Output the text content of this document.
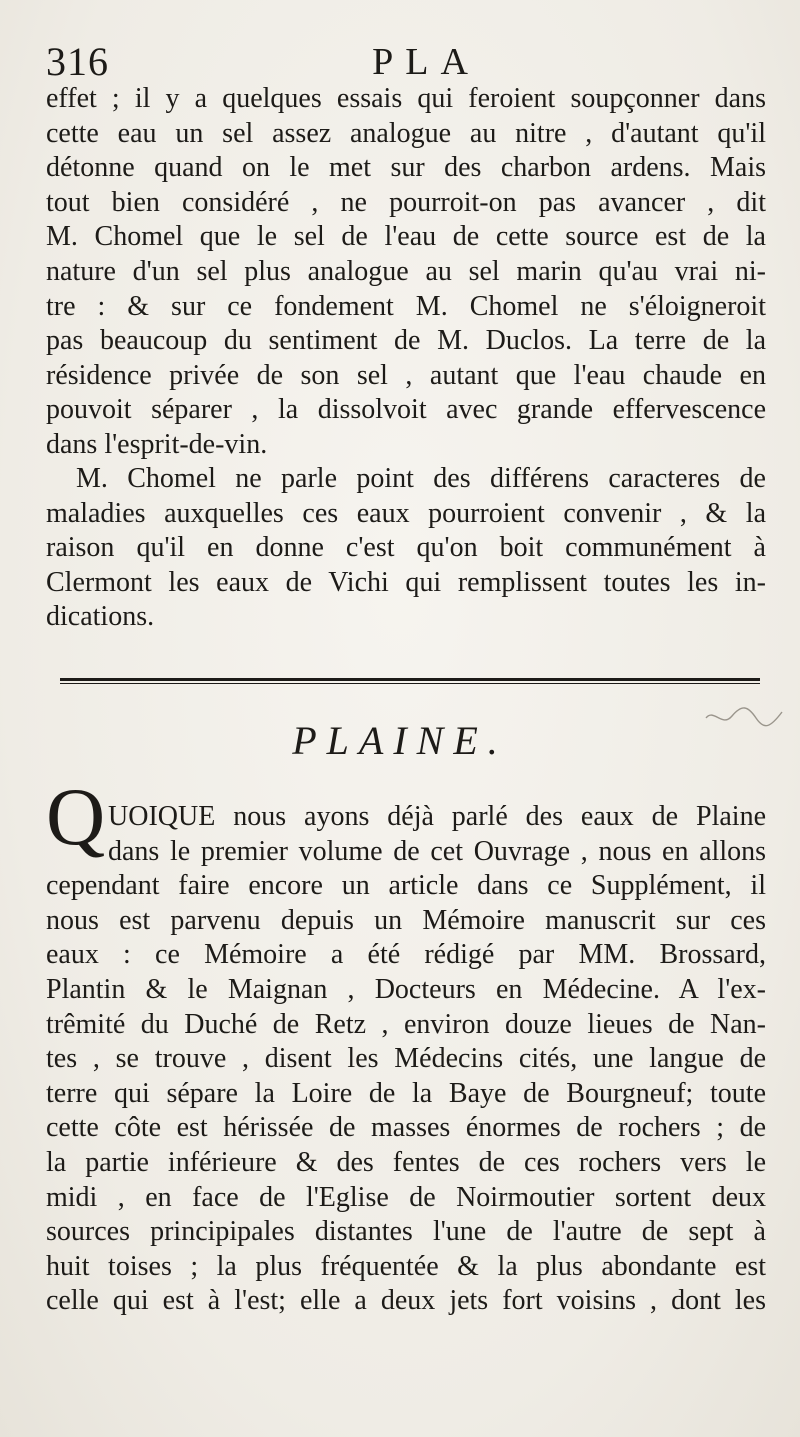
316	PLA
effet ; il y a quelques essais qui feroient soupçonner dans
cette eau un sel assez analogue au nitre , d'autant qu'il
détonne quand on le met sur des charbon ardens. Mais
tout bien considéré , ne pourroit-on pas avancer , dit
M. Chomel que le sel de l'eau de cette source est de la
nature d'un sel plus analogue au sel marin qu'au vrai ni-
tre : & sur ce fondement M. Chomel ne s'éloigneroit
pas beaucoup du sentiment de M. Duclos. La terre de la
résidence privée de son sel , autant que l'eau chaude en
pouvoit séparer , la dissolvoit avec grande effervescence
dans l'esprit-de-vin.
M. Chomel ne parle point des différens caracteres de
maladies auxquelles ces eaux pourroient convenir , & la
raison qu'il en donne c'est qu'on boit communément à
Clermont les eaux de Vichi qui remplissent toutes les in-
dications.
PLAINE.
Q UOIQUE nous ayons déjà parlé des eaux de Plaine
dans le premier volume de cet Ouvrage , nous en allons
cependant faire encore un article dans ce Supplément, il
nous est parvenu depuis un Mémoire manuscrit sur ces
eaux : ce Mémoire a été rédigé par MM. Brossard,
Plantin & le Maignan , Docteurs en Médecine. A l'ex-
trêmité du Duché de Retz , environ douze lieues de Nan-
tes , se trouve , disent les Médecins cités, une langue de
terre qui sépare la Loire de la Baye de Bourgneuf; toute
cette côte est hérissée de masses énormes de rochers ; de
la partie inférieure & des fentes de ces rochers vers le
midi , en face de l'Eglise de Noirmoutier sortent deux
sources principipales distantes l'une de l'autre de sept à
huit toises ; la plus fréquentée & la plus abondante est
celle qui est à l'est; elle a deux jets fort voisins , dont les
